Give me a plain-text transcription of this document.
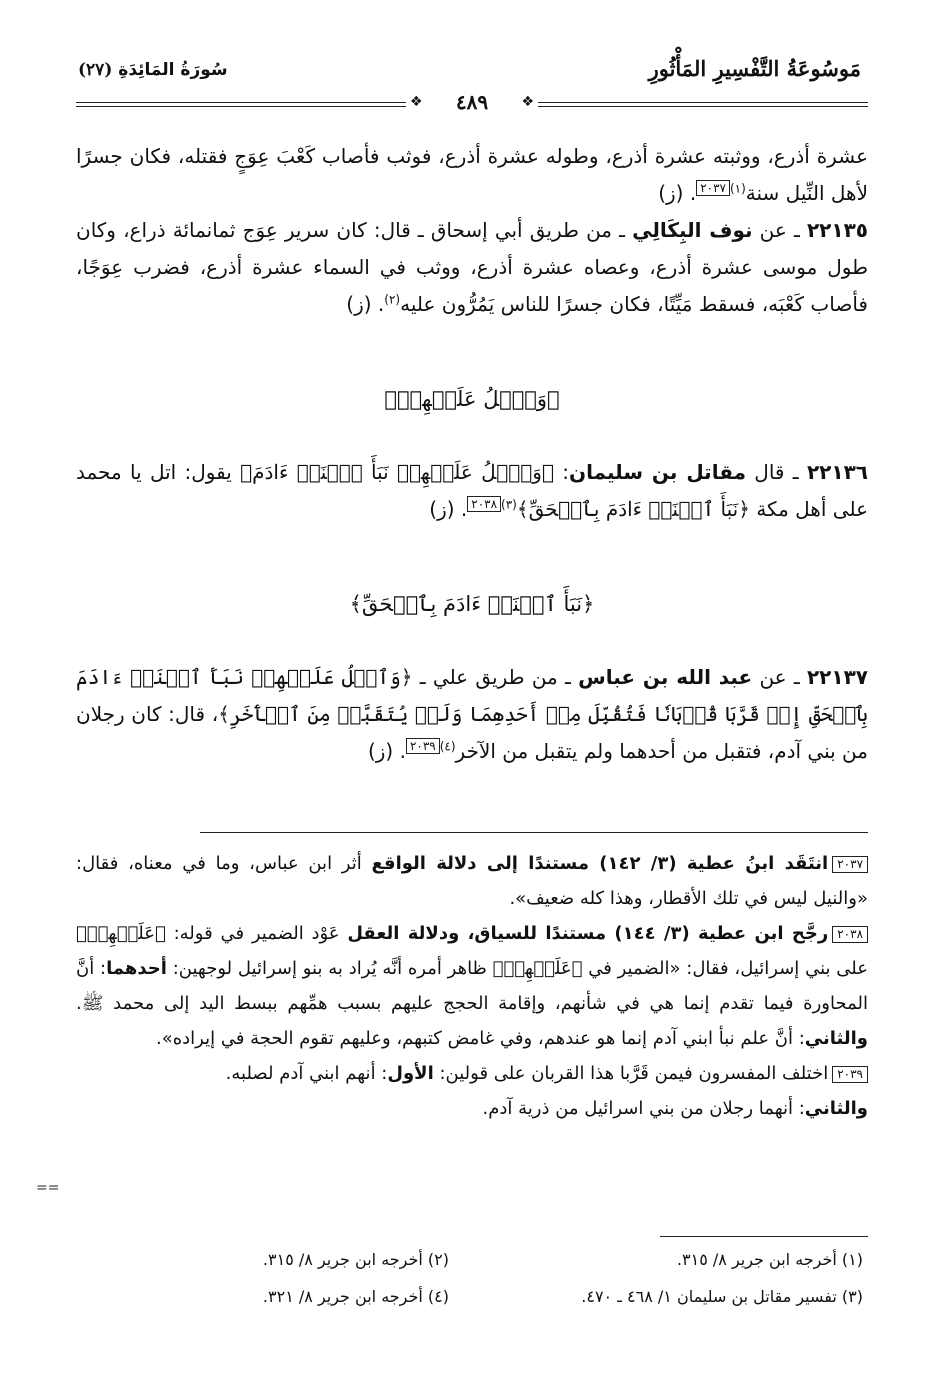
مَوسُوعَةُ التَّفْسِيرِ المَأْثُورِ
سُورَةُ المَائِدَةِ (٢٧)
❖
٤٨٩
❖

عشرة أذرع، ووثبته عشرة أذرع، وطوله عشرة أذرع، فوثب فأصاب كَعْبَ عِوَجٍ فقتله، فكان جسرًا لأهل النِّيل سنة$^{(١)}$٢٠٣٧. (ز)

٢٢١٣٥ ـ عن نوف البِكَالِي ـ من طريق أبي إسحاق ـ قال: كان سرير عِوَج ثمانمائة ذراع، وكان طول موسى عشرة أذرع، وعصاه عشرة أذرع، ووثب في السماء عشرة أذرع، فضرب عِوَجًا، فأصاب كَعْبَه، فسقط مَيِّتًا، فكان جسرًا للناس يَمُرُّون عليه$^{(٢)}$. (ز)

﴿وَٱتۡلُ عَلَيۡهِمۡ﴾

٢٢١٣٦ ـ قال مقاتل بن سليمان: ﴿وَٱتۡلُ عَلَيۡهِمۡ نَبَأَ ٱبۡنَيۡ ءَادَمَ﴾ يقول: اتل يا محمد على أهل مكة ﴿نَبَأَ ٱبۡنَيۡ ءَادَمَ بِٱلۡحَقِّ﴾$^{(٣)}$٢٠٣٨. (ز)

﴿نَبَأَ ٱبۡنَيۡ ءَادَمَ بِٱلۡحَقِّ﴾

٢٢١٣٧ ـ عن عبد الله بن عباس ـ من طريق علي ـ ﴿وَٱتۡلُ عَلَيۡهِمۡ نَبَأَ ٱبۡنَيۡ ءَادَمَ بِٱلۡحَقِّ إِذۡ قَرَّبَا قُرۡبَانٗا فَتُقُبِّلَ مِنۡ أَحَدِهِمَا وَلَمۡ يُتَقَبَّلۡ مِنَ ٱلۡأٓخَرِ﴾، قال: كان رجلان من بني آدم، فتقبل من أحدهما ولم يتقبل من الآخر$^{(٤)}$٢٠٣٩. (ز)

٢٠٣٧انتَقَد ابنُ عطية (٣/ ١٤٢) مستندًا إلى دلالة الواقع أثر ابن عباس، وما في معناه، فقال: «والنيل ليس في تلك الأقطار، وهذا كله ضعيف».

٢٠٣٨رجَّح ابن عطية (٣/ ١٤٤) مستندًا للسياق، ودلالة العقل عَوْد الضمير في قوله: ﴿عَلَيۡهِمۡ﴾ على بني إسرائيل، فقال: «الضمير في ﴿عَلَيۡهِمۡ﴾ ظاهر أمره أنَّه يُراد به بنو إسرائيل لوجهين: أحدهما: أنَّ المحاورة فيما تقدم إنما هي في شأنهم، وإقامة الحجج عليهم بسبب همِّهم ببسط اليد إلى محمد ﷺ. والثاني: أنَّ علم نبأ ابني آدم إنما هو عندهم، وفي غامض كتبهم، وعليهم تقوم الحجة في إيراده».

٢٠٣٩اختلف المفسرون فيمن قَرَّبا هذا القربان على قولين: الأول: أنهم ابني آدم لصلبه.

والثاني: أنهما رجلان من بني اسرائيل من ذرية آدم.

==
(١) أخرجه ابن جرير ٨/ ٣١٥.
(٢) أخرجه ابن جرير ٨/ ٣١٥.
(٣) تفسير مقاتل بن سليمان ١/ ٤٦٨ ـ ٤٧٠.
(٤) أخرجه ابن جرير ٨/ ٣٢١.
